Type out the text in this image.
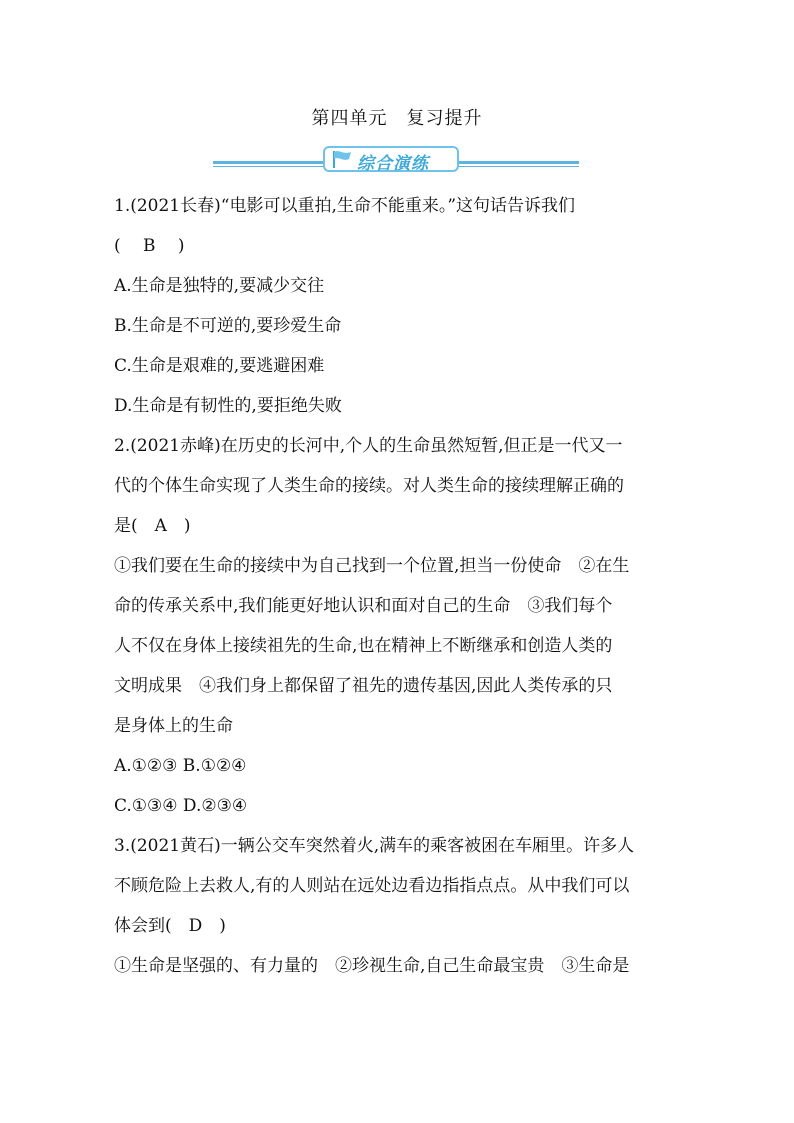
第四单元　复习提升
综合演练
1.(2021长春)“电影可以重拍,生命不能重来。”这句话告诉我们
(　 B 　)
A.生命是独特的,要减少交往
B.生命是不可逆的,要珍爱生命
C.生命是艰难的,要逃避困难
D.生命是有韧性的,要拒绝失败
2.(2021赤峰)在历史的长河中,个人的生命虽然短暂,但正是一代又一
代的个体生命实现了人类生命的接续。对人类生命的接续理解正确的
是(　A　)
①我们要在生命的接续中为自己找到一个位置,担当一份使命　②在生
命的传承关系中,我们能更好地认识和面对自己的生命　③我们每个
人不仅在身体上接续祖先的生命,也在精神上不断继承和创造人类的
文明成果　④我们身上都保留了祖先的遗传基因,因此人类传承的只
是身体上的生命
A.①②③ B.①②④
C.①③④ D.②③④
3.(2021黄石)一辆公交车突然着火,满车的乘客被困在车厢里。许多人
不顾危险上去救人,有的人则站在远处边看边指指点点。从中我们可以
体会到(　D　)
①生命是坚强的、有力量的　②珍视生命,自己生命最宝贵　③生命是
